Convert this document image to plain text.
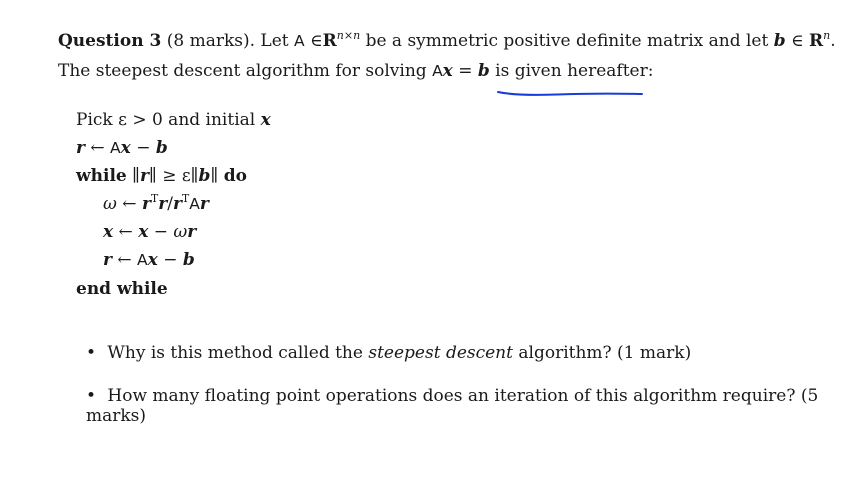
Question 3 (8 marks). Let A $\in R^{n\times n}$ be a symmetric positive definite matrix and let b ∈ $R^n$.
The steepest descent algorithm for solving Ax = b is given hereafter:
Pick ε > 0 and initial x
r ← Ax − b
while ∥r∥ ≥ ε∥b∥ do
ω ← $r^Tr/r^TAr$
x ← x − ωr
r ← Ax − b
end while
• Why is this method called the steepest descent algorithm? (1 mark)
• How many floating point operations does an iteration of this algorithm require? (5 marks)
